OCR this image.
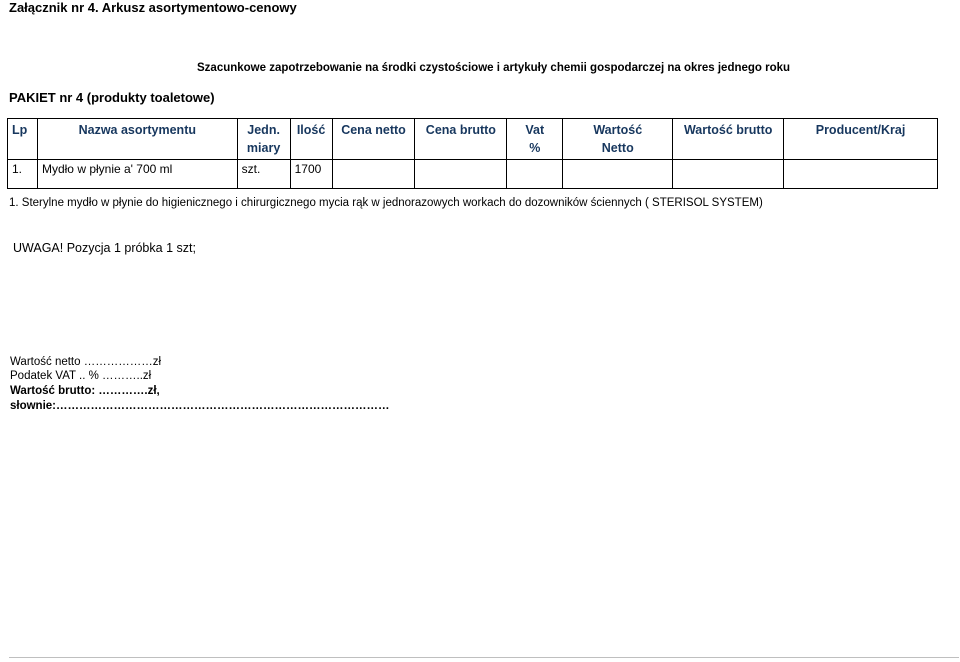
Załącznik nr 4. Arkusz asortymentowo-cenowy
Szacunkowe zapotrzebowanie na środki czystościowe i artykuły chemii gospodarczej na okres jednego roku
PAKIET nr 4 (produkty toaletowe)
Lp	Nazwa asortymentu	Jedn. miary	Ilość	Cena netto	Cena brutto	Vat %	Wartość Netto	Wartość brutto	Producent/Kraj
1.	Mydło w płynie a' 700 ml	szt.	1700						
1. Sterylne mydło w płynie do higienicznego i chirurgicznego mycia rąk w jednorazowych workach do dozowników ściennych ( STERISOL SYSTEM)
UWAGA! Pozycja 1 próbka 1 szt;
Wartość netto ………………zł
Podatek VAT .. % ………..zł
Wartość brutto: ………….zł,
słownie:……………………………………………………………………………
